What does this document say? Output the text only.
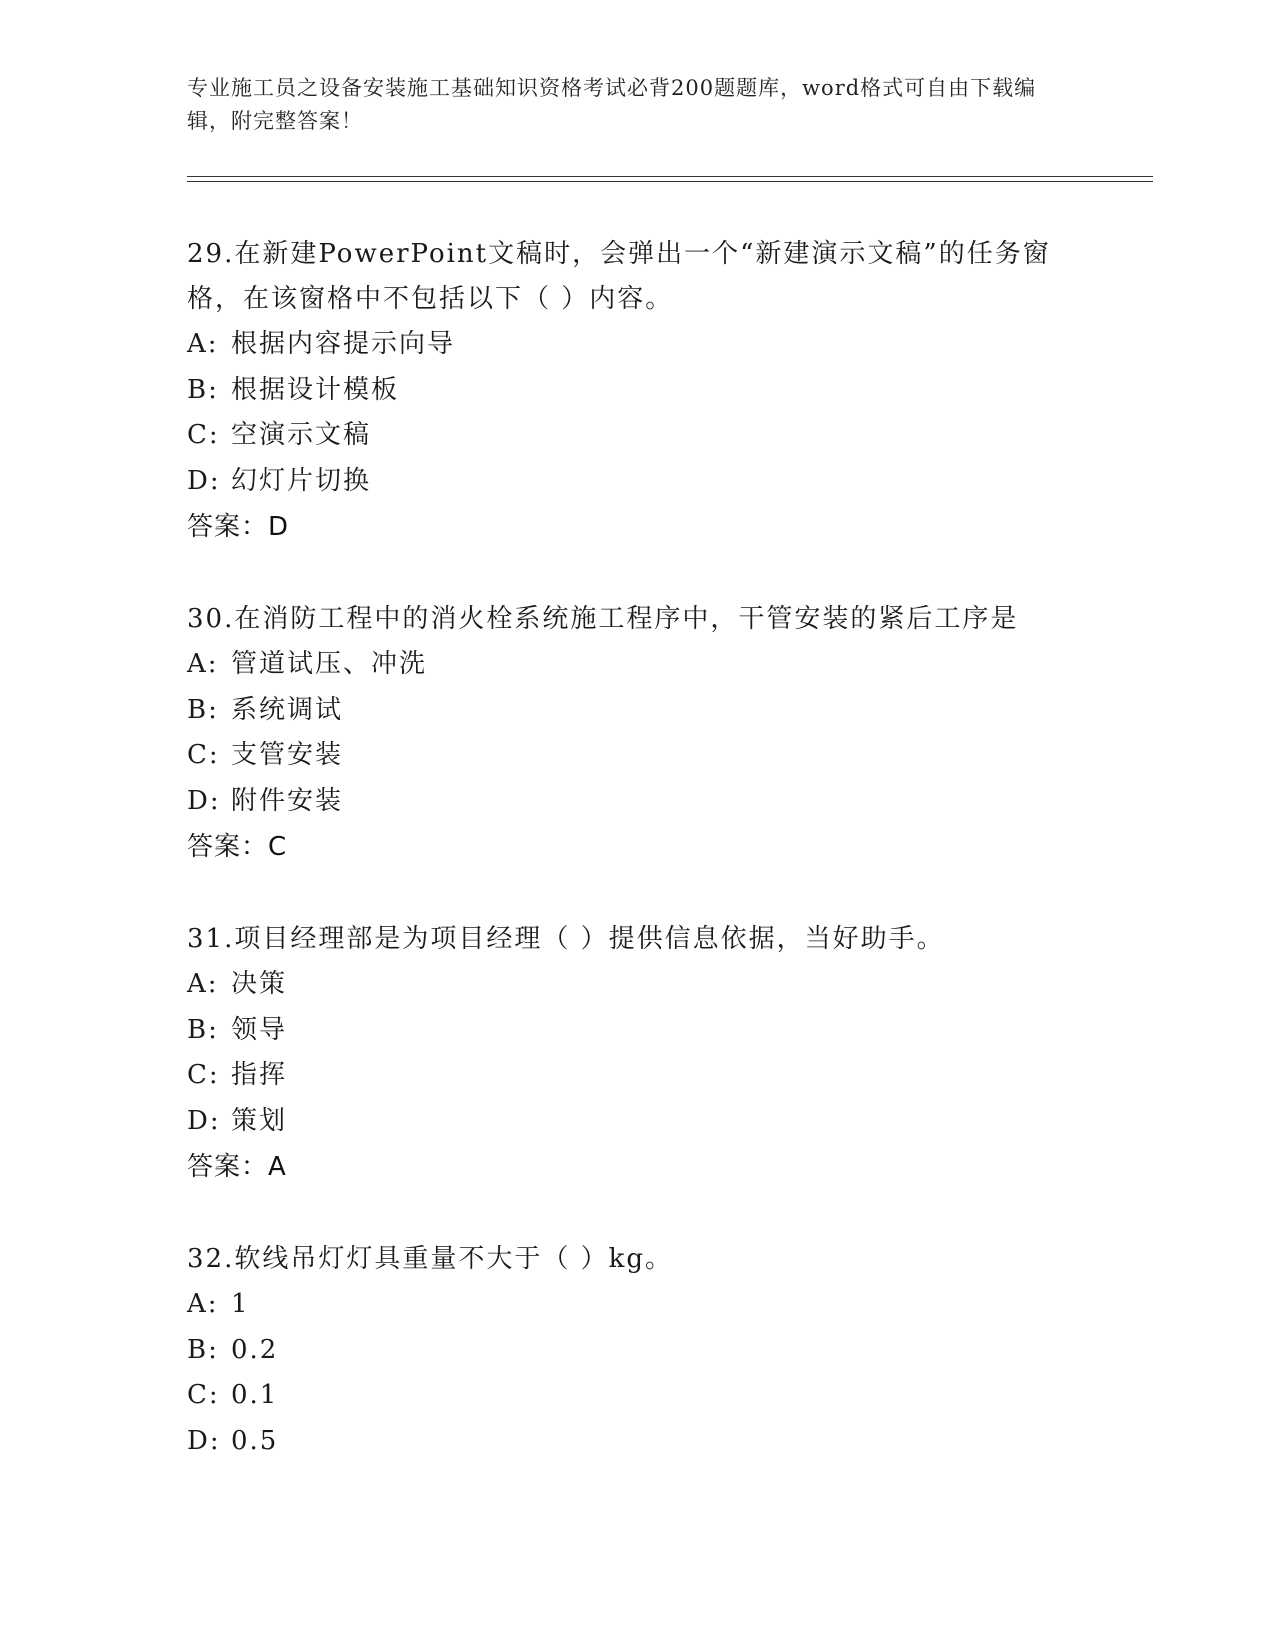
专业施工员之设备安装施工基础知识资格考试必背200题题库，word格式可自由下载编辑，附完整答案！

29.在新建PowerPoint文稿时，会弹出一个“新建演示文稿”的任务窗格，在该窗格中不包括以下（ ）内容。

A: 根据内容提示向导

B: 根据设计模板

C: 空演示文稿

D: 幻灯片切换

答案：D

30.在消防工程中的消火栓系统施工程序中，干管安装的紧后工序是

A: 管道试压、冲洗

B: 系统调试

C: 支管安装

D: 附件安装

答案：C

31.项目经理部是为项目经理（ ）提供信息依据，当好助手。

A: 决策

B: 领导

C: 指挥

D: 策划

答案：A

32.软线吊灯灯具重量不大于（ ）kg。

A: 1

B: 0.2

C: 0.1

D: 0.5
